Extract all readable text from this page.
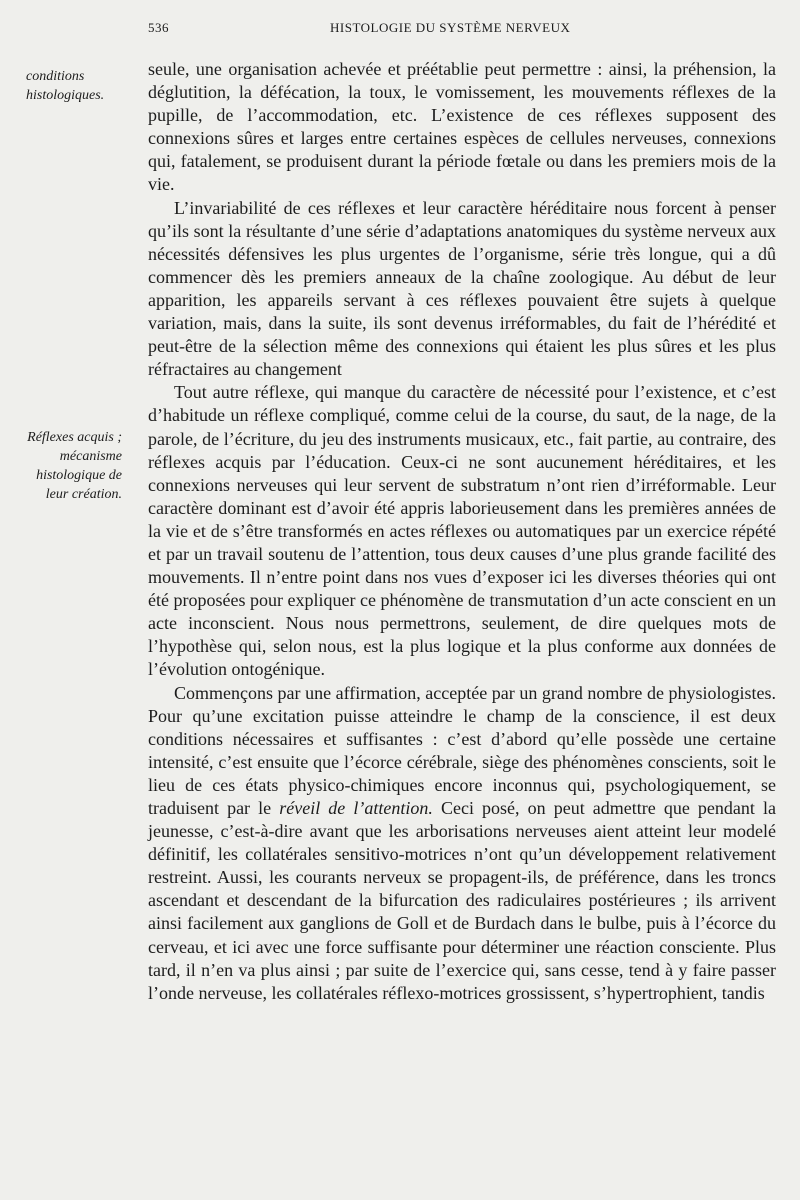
536	HISTOLOGIE DU SYSTÈME NERVEUX
conditions histologiques.
Réflexes acquis ; mécanisme histologique de leur création.

seule, une organisation achevée et préétablie peut permettre : ainsi, la préhension, la déglutition, la défécation, la toux, le vomissement, les mouvements réflexes de la pupille, de l’accommodation, etc. L’existence de ces réflexes supposent des connexions sûres et larges entre certaines espèces de cellules nerveuses, connexions qui, fatalement, se produisent durant la période fœtale ou dans les premiers mois de la vie.

L’invariabilité de ces réflexes et leur caractère héréditaire nous forcent à penser qu’ils sont la résultante d’une série d’adaptations anatomiques du système nerveux aux nécessités défensives les plus urgentes de l’organisme, série très longue, qui a dû commencer dès les premiers anneaux de la chaîne zoologique. Au début de leur apparition, les appareils servant à ces réflexes pouvaient être sujets à quelque variation, mais, dans la suite, ils sont devenus irréformables, du fait de l’hérédité et peut-être de la sélection même des connexions qui étaient les plus sûres et les plus réfractaires au changement

Tout autre réflexe, qui manque du caractère de nécessité pour l’existence, et c’est d’habitude un réflexe compliqué, comme celui de la course, du saut, de la nage, de la parole, de l’écriture, du jeu des instruments musicaux, etc., fait partie, au contraire, des réflexes acquis par l’éducation. Ceux-ci ne sont aucunement héréditaires, et les connexions nerveuses qui leur servent de substratum n’ont rien d’irréformable. Leur caractère dominant est d’avoir été appris laborieusement dans les premières années de la vie et de s’être transformés en actes réflexes ou automatiques par un exercice répété et par un travail soutenu de l’attention, tous deux causes d’une plus grande facilité des mouvements. Il n’entre point dans nos vues d’exposer ici les diverses théories qui ont été proposées pour expliquer ce phénomène de transmutation d’un acte conscient en un acte inconscient. Nous nous permettrons, seulement, de dire quelques mots de l’hypothèse qui, selon nous, est la plus logique et la plus conforme aux données de l’évolution ontogénique.

Commençons par une affirmation, acceptée par un grand nombre de physiologistes. Pour qu’une excitation puisse atteindre le champ de la conscience, il est deux conditions nécessaires et suffisantes : c’est d’abord qu’elle possède une certaine intensité, c’est ensuite que l’écorce cérébrale, siège des phénomènes conscients, soit le lieu de ces états physico-chimiques encore inconnus qui, psychologiquement, se traduisent par le réveil de l’attention. Ceci posé, on peut admettre que pendant la jeunesse, c’est-à-dire avant que les arborisations nerveuses aient atteint leur modelé définitif, les collatérales sensitivo-motrices n’ont qu’un développement relativement restreint. Aussi, les courants nerveux se propagent-ils, de préférence, dans les troncs ascendant et descendant de la bifurcation des radiculaires postérieures ; ils arrivent ainsi facilement aux ganglions de Goll et de Burdach dans le bulbe, puis à l’écorce du cerveau, et ici avec une force suffisante pour déterminer une réaction consciente. Plus tard, il n’en va plus ainsi ; par suite de l’exercice qui, sans cesse, tend à y faire passer l’onde nerveuse, les collatérales réflexo-motrices grossissent, s’hypertrophient, tandis
